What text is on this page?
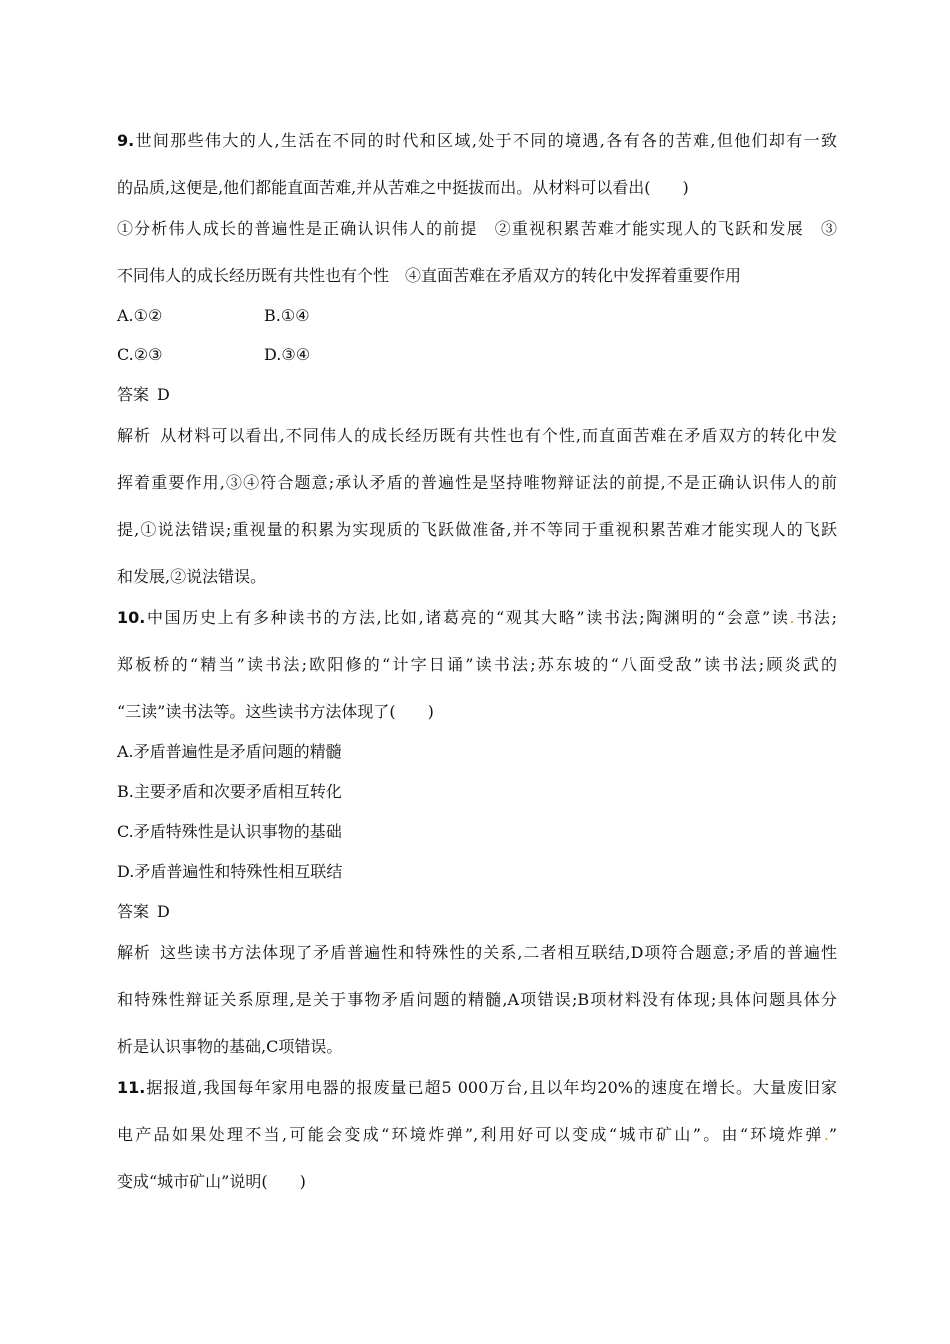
9.世间那些伟大的人,生活在不同的时代和区域,处于不同的境遇,各有各的苦难,但他们却有一致
的品质,这便是,他们都能直面苦难,并从苦难之中挺拔而出。从材料可以看出(　　)
①分析伟人成长的普遍性是正确认识伟人的前提　②重视积累苦难才能实现人的飞跃和发展　③
不同伟人的成长经历既有共性也有个性　④直面苦难在矛盾双方的转化中发挥着重要作用
A.①②	B.①④
C.②③	D.③④
答案  D
解析  从材料可以看出,不同伟人的成长经历既有共性也有个性,而直面苦难在矛盾双方的转化中发
挥着重要作用,③④符合题意;承认矛盾的普遍性是坚持唯物辩证法的前提,不是正确认识伟人的前
提,①说法错误;重视量的积累为实现质的飞跃做准备,并不等同于重视积累苦难才能实现人的飞跃
和发展,②说法错误。
10.中国历史上有多种读书的方法,比如,诸葛亮的“观其大略”读书法;陶渊明的“会意”读.书法;
郑板桥的“精当”读书法;欧阳修的“计字日诵”读书法;苏东坡的“八面受敌”读书法;顾炎武的
“三读”读书法等。这些读书方法体现了(　　)
A.矛盾普遍性是矛盾问题的精髓
B.主要矛盾和次要矛盾相互转化
C.矛盾特殊性是认识事物的基础
D.矛盾普遍性和特殊性相互联结
答案  D
解析  这些读书方法体现了矛盾普遍性和特殊性的关系,二者相互联结,D项符合题意;矛盾的普遍性
和特殊性辩证关系原理,是关于事物矛盾问题的精髓,A项错误;B项材料没有体现;具体问题具体分
析是认识事物的基础,C项错误。
11.据报道,我国每年家用电器的报废量已超5 000万台,且以年均20%的速度在增长。大量废旧家
电产品如果处理不当,可能会变成“环境炸弹”,利用好可以变成“城市矿山”。由“环境炸弹.”
变成“城市矿山”说明(　　)
